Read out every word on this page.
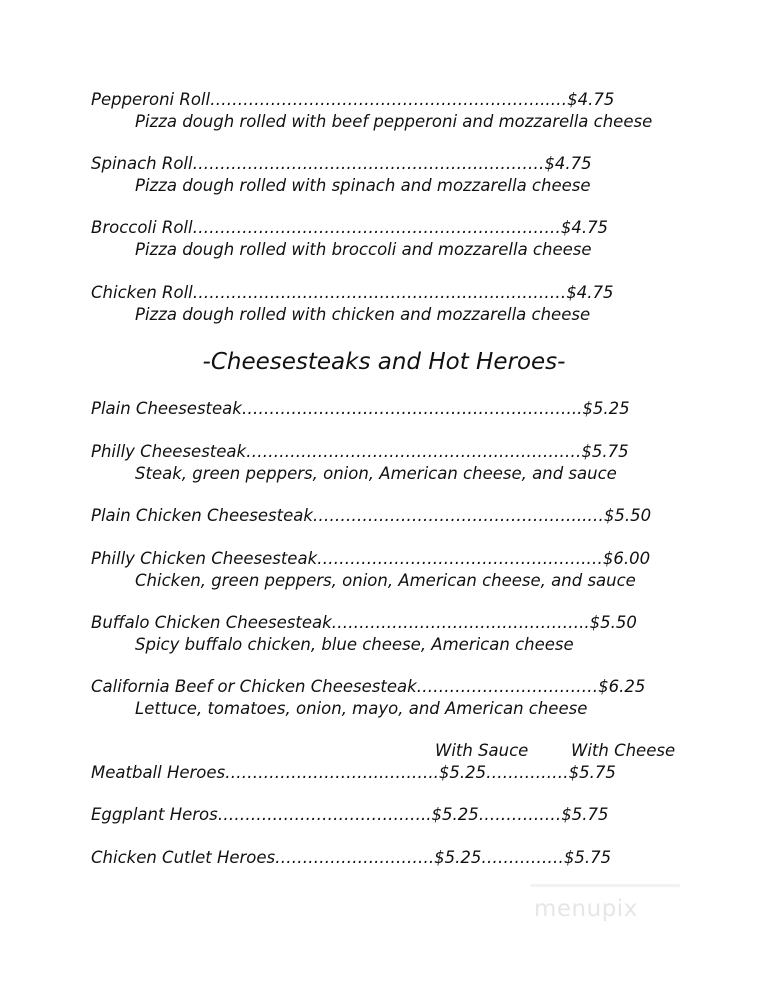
Pepperoni Roll……………………………………………………..…$4.75
Pizza dough rolled with beef pepperoni and mozzarella cheese
Spinach Roll………………….……………………………………$4.75
Pizza dough rolled with spinach and mozzarella cheese
Broccoli Roll……………….…………………………………………$4.75
Pizza dough rolled with broccoli and mozzarella cheese
Chicken Roll……………….……………………………….…………$4.75
Pizza dough rolled with chicken and mozzarella cheese
-Cheesesteaks and Hot Heroes-
Plain Cheesesteak……………………………………………………..$5.25
Philly Cheesesteak……………………………………….……………$5.75
Steak, green peppers, onion, American cheese, and sauce
Plain Chicken Cheesesteak…………………………………………..…$5.50
Philly Chicken Cheesesteak………………………………………….…$6.00
Chicken, green peppers, onion, American cheese, and sauce
Buffalo Chicken Cheesesteak………………………………………..$5.50
Spicy buffalo chicken, blue cheese, American cheese
California Beef or Chicken Cheesesteak……………………………$6.25
Lettuce, tomatoes, onion, mayo, and American cheese
With Sauce	With Cheese
Meatball Heroes……………………….………..$5.25……………$5.75
Eggplant Heros……….………………………..$5.25……………$5.75
Chicken Cutlet Heroes……………….……….$5.25……………$5.75
menupix
